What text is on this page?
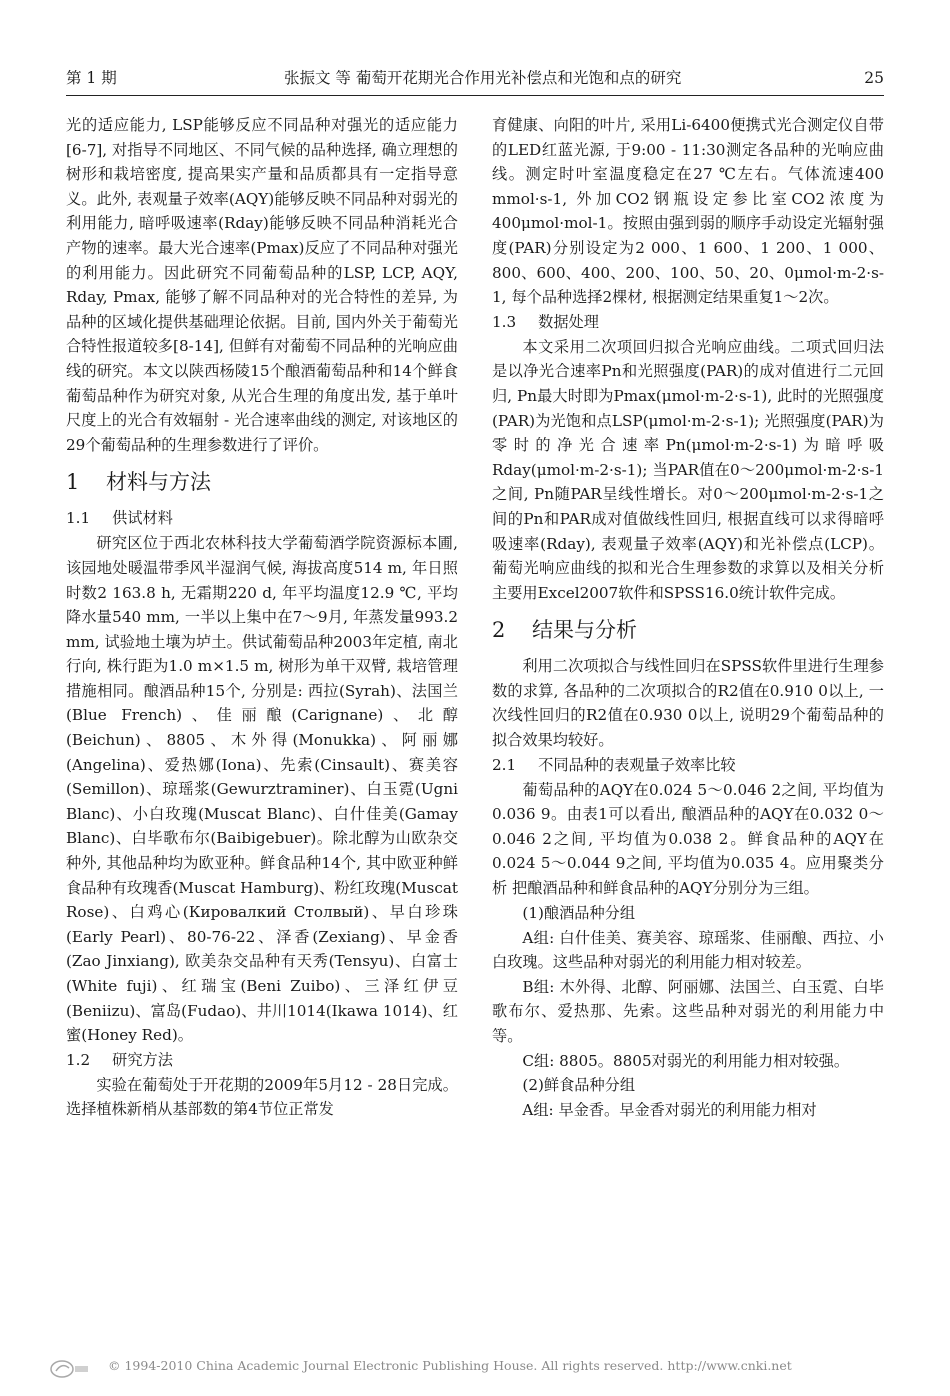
第 1 期	张振文 等 葡萄开花期光合作用光补偿点和光饱和点的研究	25

光的适应能力, LSP能够反应不同品种对强光的适应能力[6-7], 对指导不同地区、不同气候的品种选择, 确立理想的树形和栽培密度, 提高果实产量和品质都具有一定指导意义。此外, 表观量子效率(AQY)能够反映不同品种对弱光的利用能力, 暗呼吸速率(Rday)能够反映不同品种消耗光合产物的速率。最大光合速率(Pmax)反应了不同品种对强光的利用能力。因此研究不同葡萄品种的LSP, LCP, AQY, Rday, Pmax, 能够了解不同品种对的光合特性的差异, 为品种的区域化提供基础理论依据。目前, 国内外关于葡萄光合特性报道较多[8-14], 但鲜有对葡萄不同品种的光响应曲线的研究。本文以陕西杨陵15个酿酒葡萄品种和14个鲜食葡萄品种作为研究对象, 从光合生理的角度出发, 基于单叶尺度上的光合有效辐射 - 光合速率曲线的测定, 对该地区的29个葡萄品种的生理参数进行了评价。

1	材料与方法
1.1 供试材料

研究区位于西北农林科技大学葡萄酒学院资源标本圃, 该园地处暖温带季风半湿润气候, 海拔高度514 m, 年日照时数2 163.8 h, 无霜期220 d, 年平均温度12.9 ℃, 平均降水量540 mm, 一半以上集中在7～9月, 年蒸发量993.2 mm, 试验地土壤为垆土。供试葡萄品种2003年定植, 南北行向, 株行距为1.0 m×1.5 m, 树形为单干双臂, 栽培管理措施相同。酿酒品种15个, 分别是: 西拉(Syrah)、法国兰(Blue French)、佳丽酿(Carignane)、北醇(Beichun)、8805、木外得(Monukka)、阿丽娜(Angelina)、爱热娜(Iona)、先索(Cinsault)、赛美容(Semillon)、琼瑶浆(Gewurztraminer)、白玉霓(Ugni Blanc)、小白玫瑰(Muscat Blanc)、白什佳美(Gamay Blanc)、白毕歌布尔(Baibigebuer)。除北醇为山欧杂交种外, 其他品种均为欧亚种。鲜食品种14个, 其中欧亚种鲜食品种有玫瑰香(Muscat Hamburg)、粉红玫瑰(Muscat Rose)、白鸡心(Кировалкий Столвый)、早白珍珠(Early Pearl)、80-76-22、泽香(Zexiang)、早金香(Zao Jinxiang), 欧美杂交品种有天秀(Tensyu)、白富士(White fuji)、红瑞宝(Beni Zuibo)、三泽红伊豆(Beniizu)、富岛(Fudao)、井川1014(Ikawa 1014)、红蜜(Honey Red)。

1.2 研究方法

实验在葡萄处于开花期的2009年5月12 - 28日完成。选择植株新梢从基部数的第4节位正常发

育健康、向阳的叶片, 采用Li-6400便携式光合测定仪自带的LED红蓝光源, 于9:00 - 11:30测定各品种的光响应曲线。测定时叶室温度稳定在27 ℃左右。气体流速400 mmol·s-1, 外加CO2钢瓶设定参比室CO2浓度为400μmol·mol-1。按照由强到弱的顺序手动设定光辐射强度(PAR)分别设定为2 000、1 600、1 200、1 000、800、600、400、200、100、50、20、0μmol·m-2·s-1, 每个品种选择2棵材, 根据测定结果重复1～2次。

1.3 数据处理

本文采用二次项回归拟合光响应曲线。二项式回归法是以净光合速率Pn和光照强度(PAR)的成对值进行二元回归, Pn最大时即为Pmax(μmol·m-2·s-1), 此时的光照强度(PAR)为光饱和点LSP(μmol·m-2·s-1); 光照强度(PAR)为零时的净光合速率Pn(μmol·m-2·s-1)为暗呼吸Rday(μmol·m-2·s-1); 当PAR值在0～200μmol·m-2·s-1之间, Pn随PAR呈线性增长。对0～200μmol·m-2·s-1之间的Pn和PAR成对值做线性回归, 根据直线可以求得暗呼吸速率(Rday), 表观量子效率(AQY)和光补偿点(LCP)。葡萄光响应曲线的拟和光合生理参数的求算以及相关分析主要用Excel2007软件和SPSS16.0统计软件完成。

2	结果与分析

利用二次项拟合与线性回归在SPSS软件里进行生理参数的求算, 各品种的二次项拟合的R2值在0.910 0以上, 一次线性回归的R2值在0.930 0以上, 说明29个葡萄品种的拟合效果均较好。

2.1 不同品种的表观量子效率比较

葡萄品种的AQY在0.024 5～0.046 2之间, 平均值为0.036 9。由表1可以看出, 酿酒品种的AQY在0.032 0～0.046 2之间, 平均值为0.038 2。鲜食品种的AQY在0.024 5～0.044 9之间, 平均值为0.035 4。应用聚类分析 把酿酒品种和鲜食品种的AQY分别分为三组。

(1)酿酒品种分组

A组: 白什佳美、赛美容、琼瑶浆、佳丽酿、西拉、小白玫瑰。这些品种对弱光的利用能力相对较差。

B组: 木外得、北醇、阿丽娜、法国兰、白玉霓、白毕歌布尔、爱热那、先索。这些品种对弱光的利用能力中等。

C组: 8805。8805对弱光的利用能力相对较强。

(2)鲜食品种分组

A组: 早金香。早金香对弱光的利用能力相对

© 1994-2010 China Academic Journal Electronic Publishing House. All rights reserved. http://www.cnki.net
